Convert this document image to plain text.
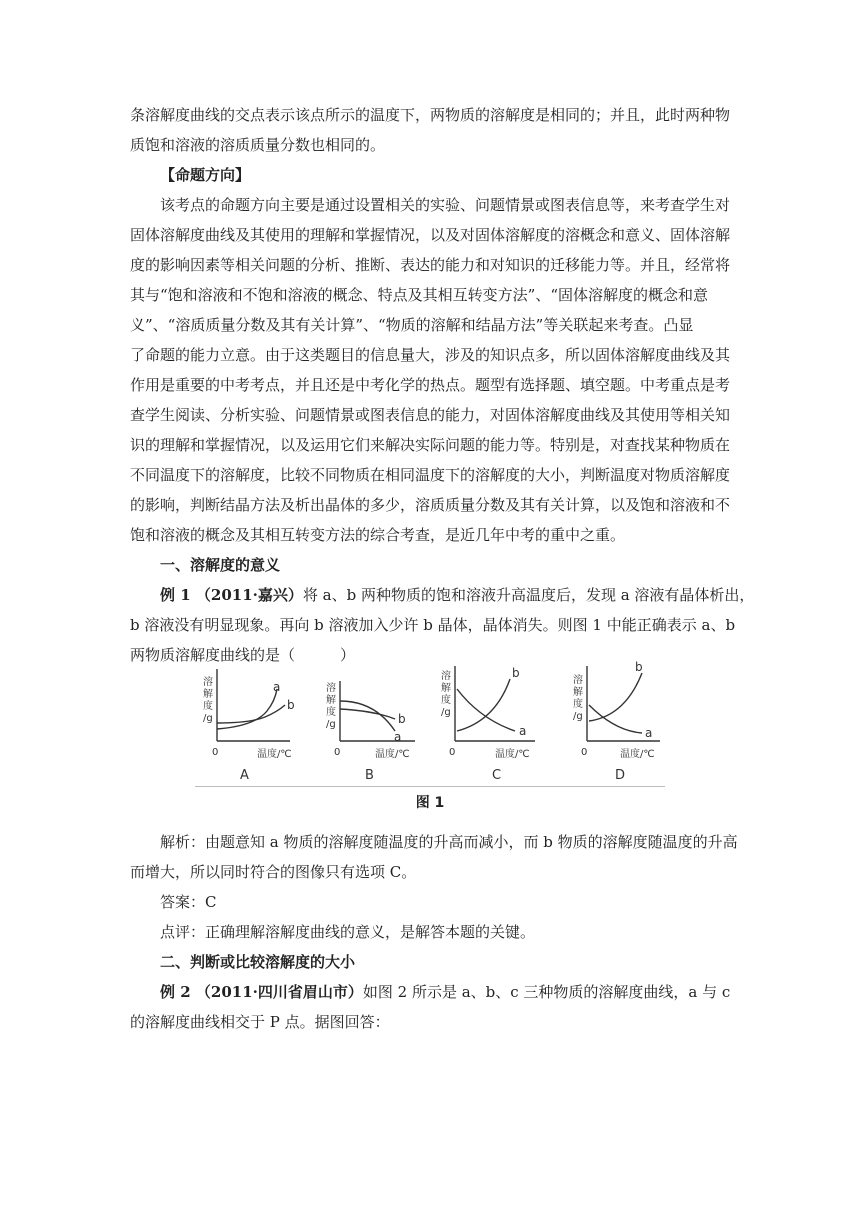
条溶解度曲线的交点表示该点所示的温度下，两物质的溶解度是相同的；并且，此时两种物
质饱和溶液的溶质质量分数也相同的。

【命题方向】

该考点的命题方向主要是通过设置相关的实验、问题情景或图表信息等，来考查学生对
固体溶解度曲线及其使用的理解和掌握情况，以及对固体溶解度的溶概念和意义、固体溶解
度的影响因素等相关问题的分析、推断、表达的能力和对知识的迁移能力等。并且，经常将
其与“饱和溶液和不饱和溶液的概念、特点及其相互转变方法”、“固体溶解度的概念和意
义”、“溶质质量分数及其有关计算”、“物质的溶解和结晶方法”等关联起来考查。凸显
了命题的能力立意。由于这类题目的信息量大，涉及的知识点多，所以固体溶解度曲线及其
作用是重要的中考考点，并且还是中考化学的热点。题型有选择题、填空题。中考重点是考
查学生阅读、分析实验、问题情景或图表信息的能力，对固体溶解度曲线及其使用等相关知
识的理解和掌握情况，以及运用它们来解决实际问题的能力等。特别是，对查找某种物质在
不同温度下的溶解度，比较不同物质在相同温度下的溶解度的大小，判断温度对物质溶解度
的影响，判断结晶方法及析出晶体的多少，溶质质量分数及其有关计算，以及饱和溶液和不
饱和溶液的概念及其相互转变方法的综合考查，是近几年中考的重中之重。

一、溶解度的意义

例 1 （2011·嘉兴）将 a、b 两种物质的饱和溶液升高温度后，发现 a 溶液有晶体析出，
b 溶液没有明显现象。再向 b 溶液加入少许 b 晶体，晶体消失。则图 1 中能正确表示 a、b
两物质溶解度曲线的是（　　　）

溶
解
度
/g
0	温度/℃
a
b
A
溶
解
度
/g
0	温度/℃
b
a
B
溶
解
度
/g
0	温度/℃
b
a
C
溶
解
度
/g
0	温度/℃
b
a
D
图 1

解析：由题意知 a 物质的溶解度随温度的升高而减小，而 b 物质的溶解度随温度的升高
而增大，所以同时符合的图像只有选项 C。

答案：C

点评：正确理解溶解度曲线的意义，是解答本题的关键。

二、判断或比较溶解度的大小

例 2 （2011·四川省眉山市）如图 2 所示是 a、b、c 三种物质的溶解度曲线，a 与 c
的溶解度曲线相交于 P 点。据图回答：
